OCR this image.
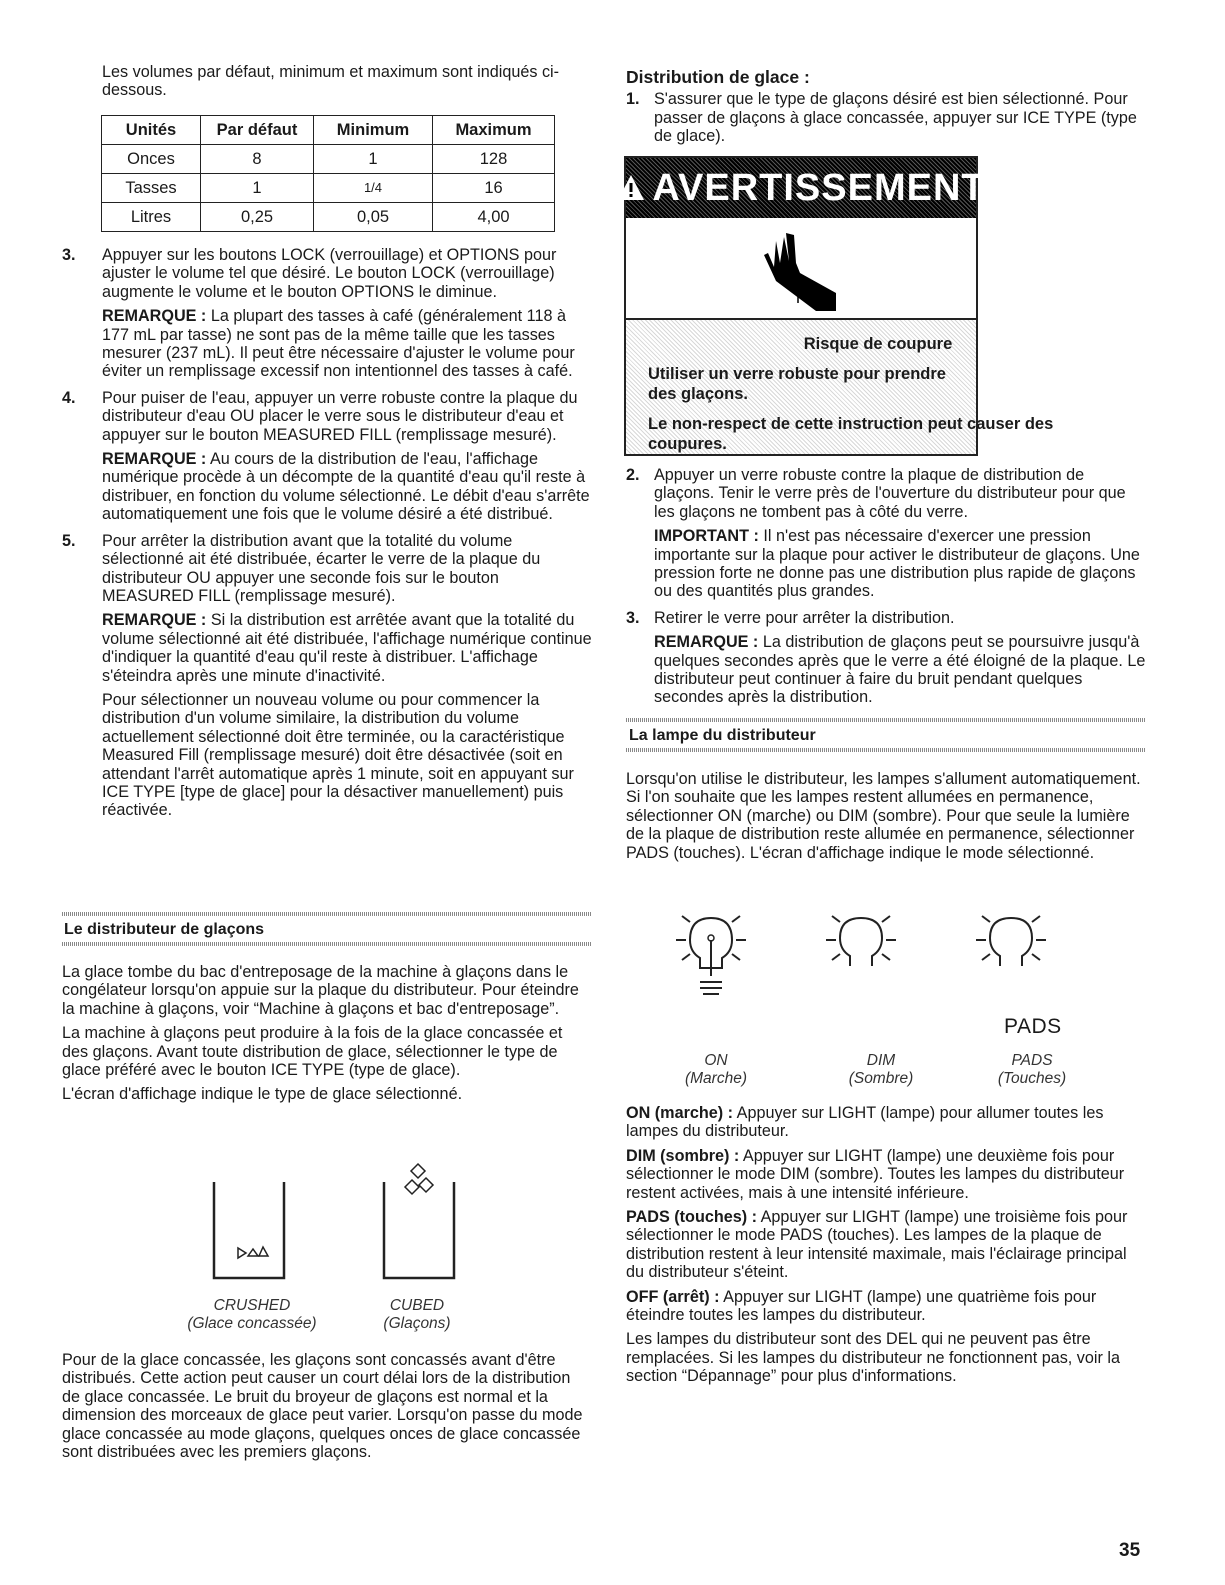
Les volumes par défaut, minimum et maximum sont indiqués ci-dessous.

Unités	Par défaut	Minimum	Maximum
Onces	8	1	128
Tasses	1	1/4	16
Litres	0,25	0,05	4,00
3. Appuyer sur les boutons LOCK (verrouillage) et OPTIONS pour ajuster le volume tel que désiré. Le bouton LOCK (verrouillage) augmente le volume et le bouton OPTIONS le diminue.

REMARQUE : La plupart des tasses à café (généralement 118 à 177 mL par tasse) ne sont pas de la même taille que les tasses mesurer (237 mL). Il peut être nécessaire d'ajuster le volume pour éviter un remplissage excessif non intentionnel des tasses à café.

4. Pour puiser de l'eau, appuyer un verre robuste contre la plaque du distributeur d'eau OU placer le verre sous le distributeur d'eau et appuyer sur le bouton MEASURED FILL (remplissage mesuré).

REMARQUE : Au cours de la distribution de l'eau, l'affichage numérique procède à un décompte de la quantité d'eau qu'il reste à distribuer, en fonction du volume sélectionné. Le débit d'eau s'arrête automatiquement une fois que le volume désiré a été distribué.

5. Pour arrêter la distribution avant que la totalité du volume sélectionné ait été distribuée, écarter le verre de la plaque du distributeur OU appuyer une seconde fois sur le bouton MEASURED FILL (remplissage mesuré).

REMARQUE : Si la distribution est arrêtée avant que la totalité du volume sélectionné ait été distribuée, l'affichage numérique continue d'indiquer la quantité d'eau qu'il reste à distribuer. L'affichage s'éteindra après une minute d'inactivité.

Pour sélectionner un nouveau volume ou pour commencer la distribution d'un volume similaire, la distribution du volume actuellement sélectionné doit être terminée, ou la caractéristique Measured Fill (remplissage mesuré) doit être désactivée (soit en attendant l'arrêt automatique après 1 minute, soit en appuyant sur ICE TYPE [type de glace] pour la désactiver manuellement) puis réactivée.

Le distributeur de glaçons

La glace tombe du bac d'entreposage de la machine à glaçons dans le congélateur lorsqu'on appuie sur la plaque du distributeur. Pour éteindre la machine à glaçons, voir “Machine à glaçons et bac d'entreposage”.

La machine à glaçons peut produire à la fois de la glace concassée et des glaçons. Avant toute distribution de glace, sélectionner le type de glace préféré avec le bouton ICE TYPE (type de glace).

L'écran d'affichage indique le type de glace sélectionné.

CRUSHED
(Glace concassée)
CUBED
(Glaçons)

Pour de la glace concassée, les glaçons sont concassés avant d'être distribués. Cette action peut causer un court délai lors de la distribution de glace concassée. Le bruit du broyeur de glaçons est normal et la dimension des morceaux de glace peut varier. Lorsqu'on passe du mode glace concassée au mode glaçons, quelques onces de glace concassée sont distribuées avec les premiers glaçons.

Distribution de glace :

1. S'assurer que le type de glaçons désiré est bien sélectionné. Pour passer de glaçons à glace concassée, appuyer sur ICE TYPE (type de glace).

AVERTISSEMENT
Risque de coupure
Utiliser un verre robuste pour prendre des glaçons.
Le non-respect de cette instruction peut causer des coupures.
2. Appuyer un verre robuste contre la plaque de distribution de glaçons. Tenir le verre près de l'ouverture du distributeur pour que les glaçons ne tombent pas à côté du verre.

IMPORTANT : Il n'est pas nécessaire d'exercer une pression importante sur la plaque pour activer le distributeur de glaçons. Une pression forte ne donne pas une distribution plus rapide de glaçons ou des quantités plus grandes.

3. Retirer le verre pour arrêter la distribution.

REMARQUE : La distribution de glaçons peut se poursuivre jusqu'à quelques secondes après que le verre a été éloigné de la plaque. Le distributeur peut continuer à faire du bruit pendant quelques secondes après la distribution.

La lampe du distributeur

Lorsqu'on utilise le distributeur, les lampes s'allument automatiquement. Si l'on souhaite que les lampes restent allumées en permanence, sélectionner ON (marche) ou DIM (sombre). Pour que seule la lumière de la plaque de distribution reste allumée en permanence, sélectionner PADS (touches). L'écran d'affichage indique le mode sélectionné.

PADS
ON
(Marche)
DIM
(Sombre)
PADS
(Touches)

ON (marche) : Appuyer sur LIGHT (lampe) pour allumer toutes les lampes du distributeur.

DIM (sombre) : Appuyer sur LIGHT (lampe) une deuxième fois pour sélectionner le mode DIM (sombre). Toutes les lampes du distributeur restent activées, mais à une intensité inférieure.

PADS (touches) : Appuyer sur LIGHT (lampe) une troisième fois pour sélectionner le mode PADS (touches). Les lampes de la plaque de distribution restent à leur intensité maximale, mais l'éclairage principal du distributeur s'éteint.

OFF (arrêt) : Appuyer sur LIGHT (lampe) une quatrième fois pour éteindre toutes les lampes du distributeur.

Les lampes du distributeur sont des DEL qui ne peuvent pas être remplacées. Si les lampes du distributeur ne fonctionnent pas, voir la section “Dépannage” pour plus d'informations.

35
